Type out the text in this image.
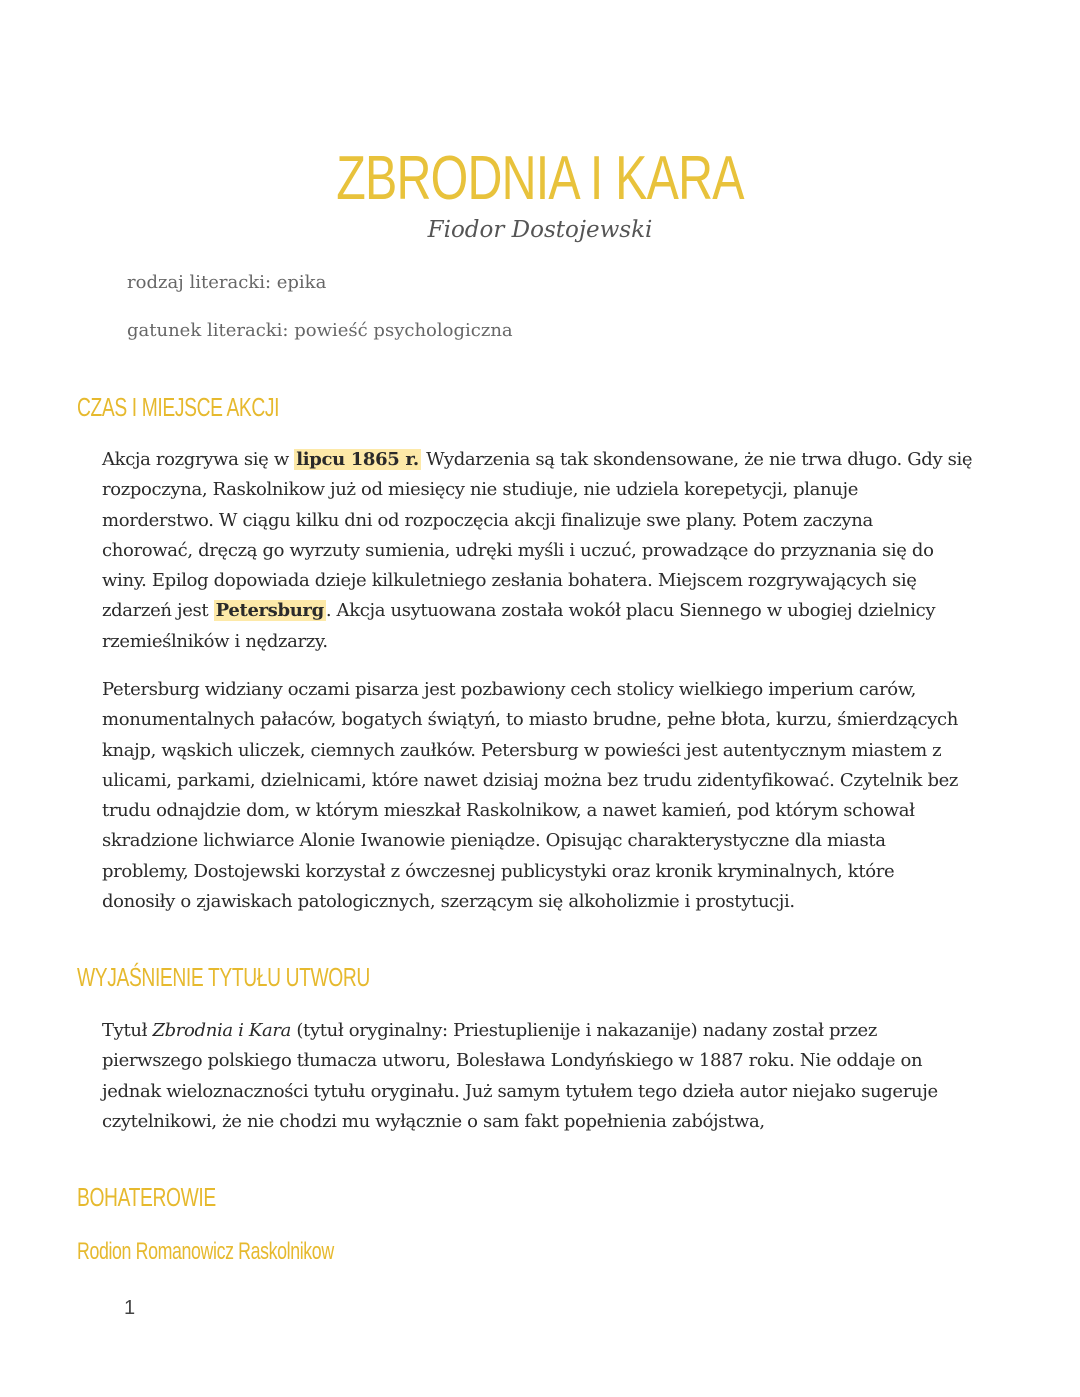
ZBRODNIA I KARA
Fiodor Dostojewski
rodzaj literacki: epika
gatunek literacki: powieść psychologiczna
CZAS I MIEJSCE AKCJI
Akcja rozgrywa się w lipcu 1865 r. Wydarzenia są tak skondensowane, że nie trwa długo. Gdy się
rozpoczyna, Raskolnikow już od miesięcy nie studiuje, nie udziela korepetycji, planuje
morderstwo. W ciągu kilku dni od rozpoczęcia akcji finalizuje swe plany. Potem zaczyna
chorować, dręczą go wyrzuty sumienia, udręki myśli i uczuć, prowadzące do przyznania się do
winy. Epilog dopowiada dzieje kilkuletniego zesłania bohatera. Miejscem rozgrywających się
zdarzeń jest Petersburg . Akcja usytuowana została wokół placu Siennego w ubogiej dzielnicy
rzemieślników i nędzarzy.
Petersburg widziany oczami pisarza jest pozbawiony cech stolicy wielkiego imperium carów,
monumentalnych pałaców, bogatych świątyń, to miasto brudne, pełne błota, kurzu, śmierdzących
knajp, wąskich uliczek, ciemnych zaułków. Petersburg w powieści jest autentycznym miastem z
ulicami, parkami, dzielnicami, które nawet dzisiaj można bez trudu zidentyfikować. Czytelnik bez
trudu odnajdzie dom, w którym mieszkał Raskolnikow, a nawet kamień, pod którym schował
skradzione lichwiarce Alonie Iwanowie pieniądze. Opisując charakterystyczne dla miasta
problemy, Dostojewski korzystał z ówczesnej publicystyki oraz kronik kryminalnych, które
donosiły o zjawiskach patologicznych, szerzącym się alkoholizmie i prostytucji.
WYJAŚNIENIE TYTUŁU UTWORU
Tytuł Zbrodnia i Kara (tytuł oryginalny: Priestuplienije i nakazanije) nadany został przez
pierwszego polskiego tłumacza utworu, Bolesława Londyńskiego w 1887 roku. Nie oddaje on
jednak wieloznaczności tytułu oryginału. Już samym tytułem tego dzieła autor niejako sugeruje
czytelnikowi, że nie chodzi mu wyłącznie o sam fakt popełnienia zabójstwa,
BOHATEROWIE
Rodion Romanowicz Raskolnikow
1
